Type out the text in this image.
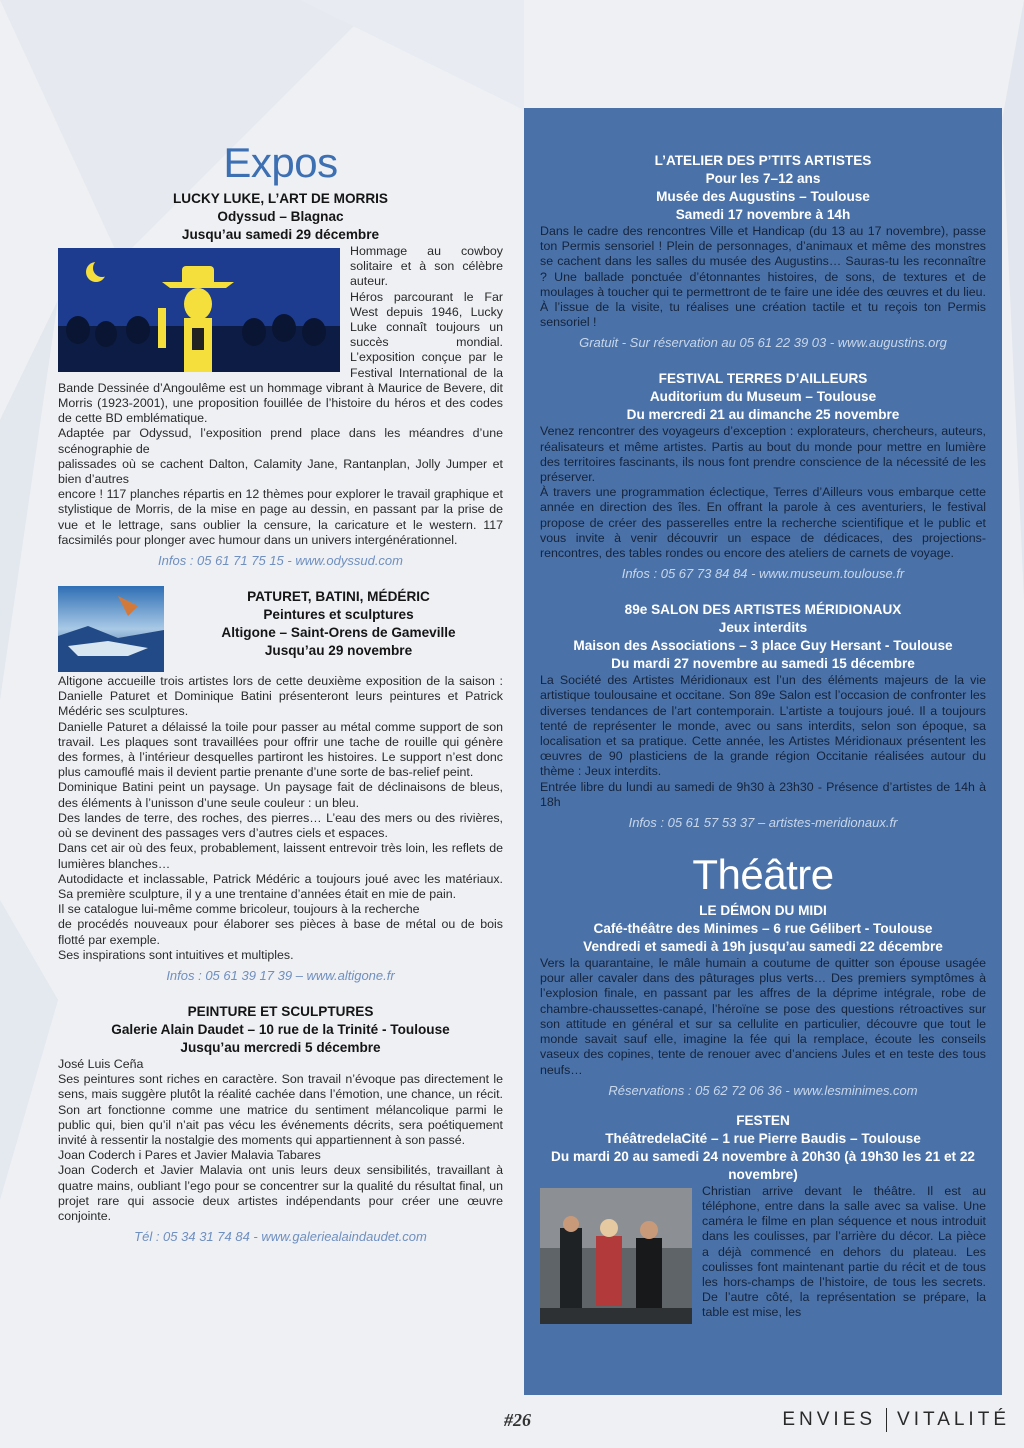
Expos
LUCKY LUKE, L’ART DE MORRIS
Odyssud – Blagnac
Jusqu’au samedi 29 décembre

Hommage au cowboy solitaire et à son célèbre auteur.

Héros parcourant le Far West depuis 1946, Lucky Luke connaît toujours un succès mondial. L’exposition conçue par le Festival International de la Bande Dessinée d’Angoulême est un hommage vibrant à Maurice de Bevere, dit Morris (1923-2001), une proposition fouillée de l’histoire du héros et des codes de cette BD emblématique.

Adaptée par Odyssud, l’exposition prend place dans les méandres d’une scénographie de

palissades où se cachent Dalton, Calamity Jane, Rantanplan, Jolly Jumper et bien d’autres

encore ! 117 planches répartis en 12 thèmes pour explorer le travail graphique et stylistique de Morris, de la mise en page au dessin, en passant par la prise de vue et le lettrage, sans oublier la censure, la caricature et le western. 117 facsimilés pour plonger avec humour dans un univers intergénérationnel.

Infos : 05 61 71 75 15 - www.odyssud.com
PATURET, BATINI, MÉDÉRIC
Peintures et sculptures
Altigone – Saint-Orens de Gameville
Jusqu’au 29 novembre

Altigone accueille trois artistes lors de cette deuxième exposition de la saison : Danielle Paturet et Dominique Batini présenteront leurs peintures et Patrick Médéric ses sculptures.

Danielle Paturet a délaissé la toile pour passer au métal comme support de son travail. Les plaques sont travaillées pour offrir une tache de rouille qui génère des formes, à l’intérieur desquelles partiront les histoires. Le support n’est donc plus camouflé mais il devient partie prenante d’une sorte de bas-relief peint.

Dominique Batini peint un paysage. Un paysage fait de déclinaisons de bleus, des éléments à l’unisson d’une seule couleur : un bleu.

Des landes de terre, des roches, des pierres… L’eau des mers ou des rivières, où se devinent des passages vers d’autres ciels et espaces.

Dans cet air où des feux, probablement, laissent entrevoir très loin, les reflets de lumières blanches…

Autodidacte et inclassable, Patrick Médéric a toujours joué avec les matériaux. Sa première sculpture, il y a une trentaine d’années était en mie de pain.

Il se catalogue lui-même comme bricoleur, toujours à la recherche

de procédés nouveaux pour élaborer ses pièces à base de métal ou de bois flotté par exemple.

Ses inspirations sont intuitives et multiples.

Infos : 05 61 39 17 39 – www.altigone.fr
PEINTURE ET SCULPTURES
Galerie Alain Daudet – 10 rue de la Trinité - Toulouse
Jusqu’au mercredi 5 décembre

José Luis Ceña

Ses peintures sont riches en caractère. Son travail n’évoque pas directement le sens, mais suggère plutôt la réalité cachée dans l’émotion, une chance, un récit. Son art fonctionne comme une matrice du sentiment mélancolique parmi le public qui, bien qu’il n’ait pas vécu les événements décrits, sera poétiquement invité à ressentir la nostalgie des moments qui appartiennent à son passé.

Joan Coderch i Pares et Javier Malavia Tabares

Joan Coderch et Javier Malavia ont unis leurs deux sensibilités, travaillant à quatre mains, oubliant l’ego pour se concentrer sur la qualité du résultat final, un projet rare qui associe deux artistes indépendants pour créer une œuvre conjointe.

Tél : 05 34 31 74 84 - www.galeriealaindaudet.com
L’ATELIER DES P’TITS ARTISTES
Pour les 7–12 ans
Musée des Augustins – Toulouse
Samedi 17 novembre à 14h

Dans le cadre des rencontres Ville et Handicap (du 13 au 17 novembre), passe ton Permis sensoriel ! Plein de personnages, d’animaux et même des monstres se cachent dans les salles du musée des Augustins… Sauras-tu les reconnaître ? Une ballade ponctuée d’étonnantes histoires, de sons, de textures et de moulages à toucher qui te permettront de te faire une idée des œuvres et du lieu. À l’issue de la visite, tu réalises une création tactile et tu reçois ton Permis sensoriel !

Gratuit - Sur réservation au 05 61 22 39 03 - www.augustins.org
FESTIVAL TERRES D’AILLEURS
Auditorium du Museum – Toulouse
Du mercredi 21 au dimanche 25 novembre

Venez rencontrer des voyageurs d’exception : explorateurs, chercheurs, auteurs, réalisateurs et même artistes. Partis au bout du monde pour mettre en lumière des territoires fascinants, ils nous font prendre conscience de la nécessité de les préserver.

À travers une programmation éclectique, Terres d’Ailleurs vous embarque cette année en direction des îles. En offrant la parole à ces aventuriers, le festival propose de créer des passerelles entre la recherche scientifique et le public et vous invite à venir découvrir un espace de dédicaces, des projections-rencontres, des tables rondes ou encore des ateliers de carnets de voyage.

Infos : 05 67 73 84 84 - www.museum.toulouse.fr
89e SALON DES ARTISTES MÉRIDIONAUX
Jeux interdits
Maison des Associations – 3 place Guy Hersant - Toulouse
Du mardi 27 novembre au samedi 15 décembre

La Société des Artistes Méridionaux est l’un des éléments majeurs de la vie artistique toulousaine et occitane. Son 89e Salon est l’occasion de confronter les diverses tendances de l’art contemporain. L’artiste a toujours joué. Il a toujours tenté de représenter le monde, avec ou sans interdits, selon son époque, sa localisation et sa pratique. Cette année, les Artistes Méridionaux présentent les œuvres de 90 plasticiens de la grande région Occitanie réalisées autour du thème : Jeux interdits.

Entrée libre du lundi au samedi de 9h30 à 23h30 - Présence d’artistes de 14h à 18h

Infos : 05 61 57 53 37 – artistes-meridionaux.fr
Théâtre
LE DÉMON DU MIDI
Café-théâtre des Minimes – 6 rue Gélibert - Toulouse
Vendredi et samedi à 19h jusqu’au samedi 22 décembre

Vers la quarantaine, le mâle humain a coutume de quitter son épouse usagée pour aller cavaler dans des pâturages plus verts… Des premiers symptômes à l’explosion finale, en passant par les affres de la déprime intégrale, robe de chambre-chaussettes-canapé, l’héroïne se pose des questions rétroactives sur son attitude en général et sur sa cellulite en particulier, découvre que tout le monde savait sauf elle, imagine la fée qui la remplace, écoute les conseils vaseux des copines, tente de renouer avec d’anciens Jules et en teste des tous neufs…

Réservations : 05 62 72 06 36 - www.lesminimes.com
FESTEN
ThéâtredelaCité – 1 rue Pierre Baudis – Toulouse
Du mardi 20 au samedi 24 novembre à 20h30 (à 19h30 les 21 et 22 novembre)

Christian arrive devant le théâtre. Il est au téléphone, entre dans la salle avec sa valise. Une caméra le filme en plan séquence et nous introduit dans les coulisses, par l’arrière du décor. La pièce a déjà commencé en dehors du plateau. Les coulisses font maintenant partie du récit et de tous les hors-champs de l’histoire, de tous les secrets. De l’autre côté, la représentation se prépare, la table est mise, les

#26	ENVIES VITALITÉ
